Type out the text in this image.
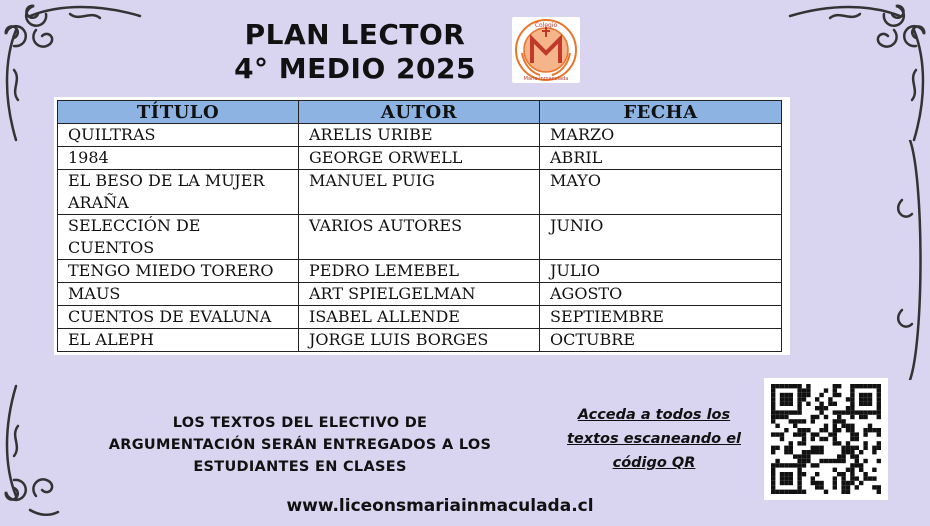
PLAN LECTOR
4° MEDIO 2025
Colegio
Maria Inmaculada
TÍTULO	AUTOR	FECHA
QUILTRAS	ARELIS URIBE	MARZO
1984	GEORGE ORWELL	ABRIL
EL BESO DE LA MUJER ARAÑA	MANUEL PUIG	MAYO
SELECCIÓN DE CUENTOS	VARIOS AUTORES	JUNIO
TENGO MIEDO TORERO	PEDRO LEMEBEL	JULIO
MAUS	ART SPIELGELMAN	AGOSTO
CUENTOS DE EVALUNA	ISABEL ALLENDE	SEPTIEMBRE
EL ALEPH	JORGE LUIS BORGES	OCTUBRE
LOS TEXTOS DEL ELECTIVO DE
ARGUMENTACIÓN SERÁN ENTREGADOS A LOS
ESTUDIANTES EN CLASES
Acceda a todos los
textos escaneando el
código QR
www.liceonsmariainmaculada.cl
